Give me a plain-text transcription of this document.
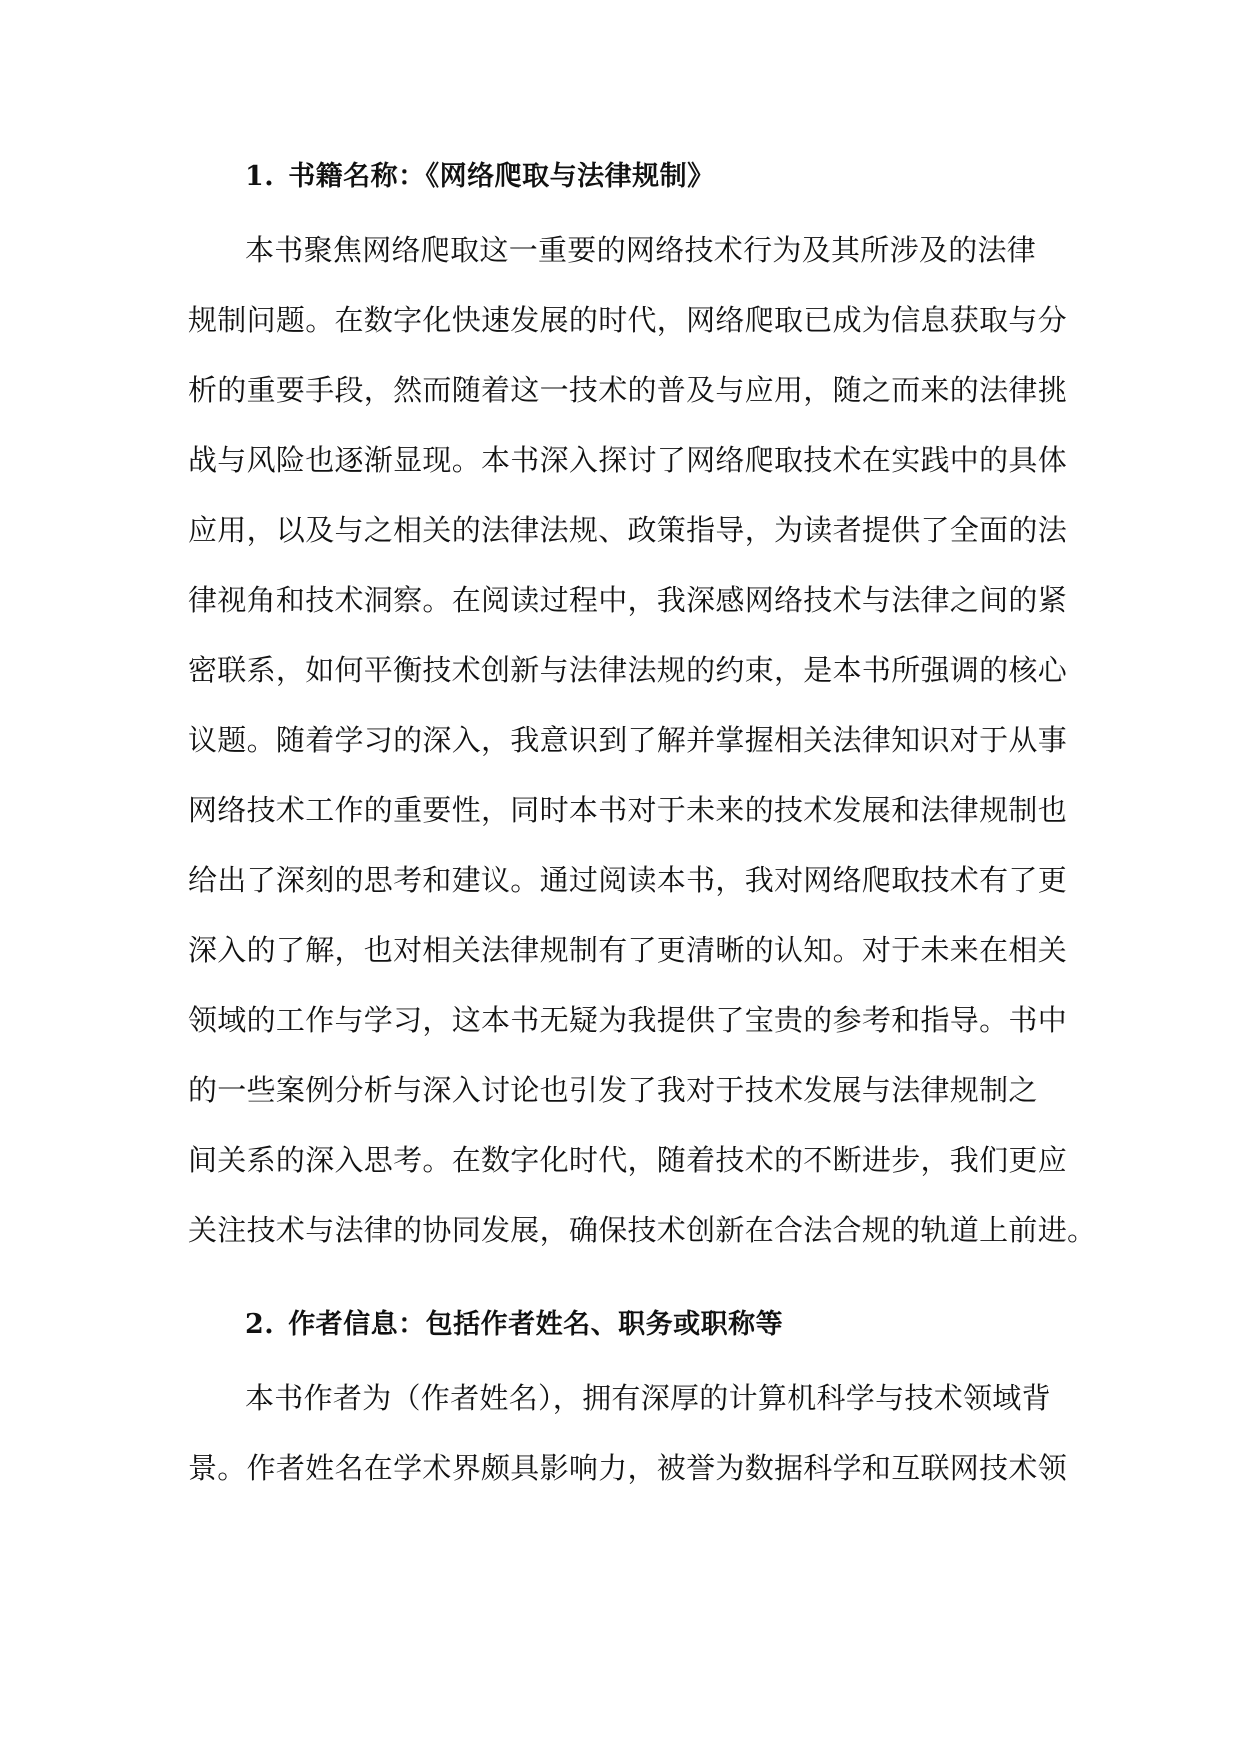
1. 书籍名称：《网络爬取与法律规制》
本书聚焦网络爬取这一重要的网络技术行为及其所涉及的法律
规制问题。在数字化快速发展的时代，网络爬取已成为信息获取与分
析的重要手段，然而随着这一技术的普及与应用，随之而来的法律挑
战与风险也逐渐显现。本书深入探讨了网络爬取技术在实践中的具体
应用，以及与之相关的法律法规、政策指导，为读者提供了全面的法
律视角和技术洞察。在阅读过程中，我深感网络技术与法律之间的紧
密联系，如何平衡技术创新与法律法规的约束，是本书所强调的核心
议题。随着学习的深入，我意识到了解并掌握相关法律知识对于从事
网络技术工作的重要性，同时本书对于未来的技术发展和法律规制也
给出了深刻的思考和建议。通过阅读本书，我对网络爬取技术有了更
深入的了解，也对相关法律规制有了更清晰的认知。对于未来在相关
领域的工作与学习，这本书无疑为我提供了宝贵的参考和指导。书中
的一些案例分析与深入讨论也引发了我对于技术发展与法律规制之
间关系的深入思考。在数字化时代，随着技术的不断进步，我们更应
关注技术与法律的协同发展，确保技术创新在合法合规的轨道上前进。
2. 作者信息：包括作者姓名、职务或职称等
本书作者为（作者姓名），拥有深厚的计算机科学与技术领域背
景。作者姓名在学术界颇具影响力，被誉为数据科学和互联网技术领
